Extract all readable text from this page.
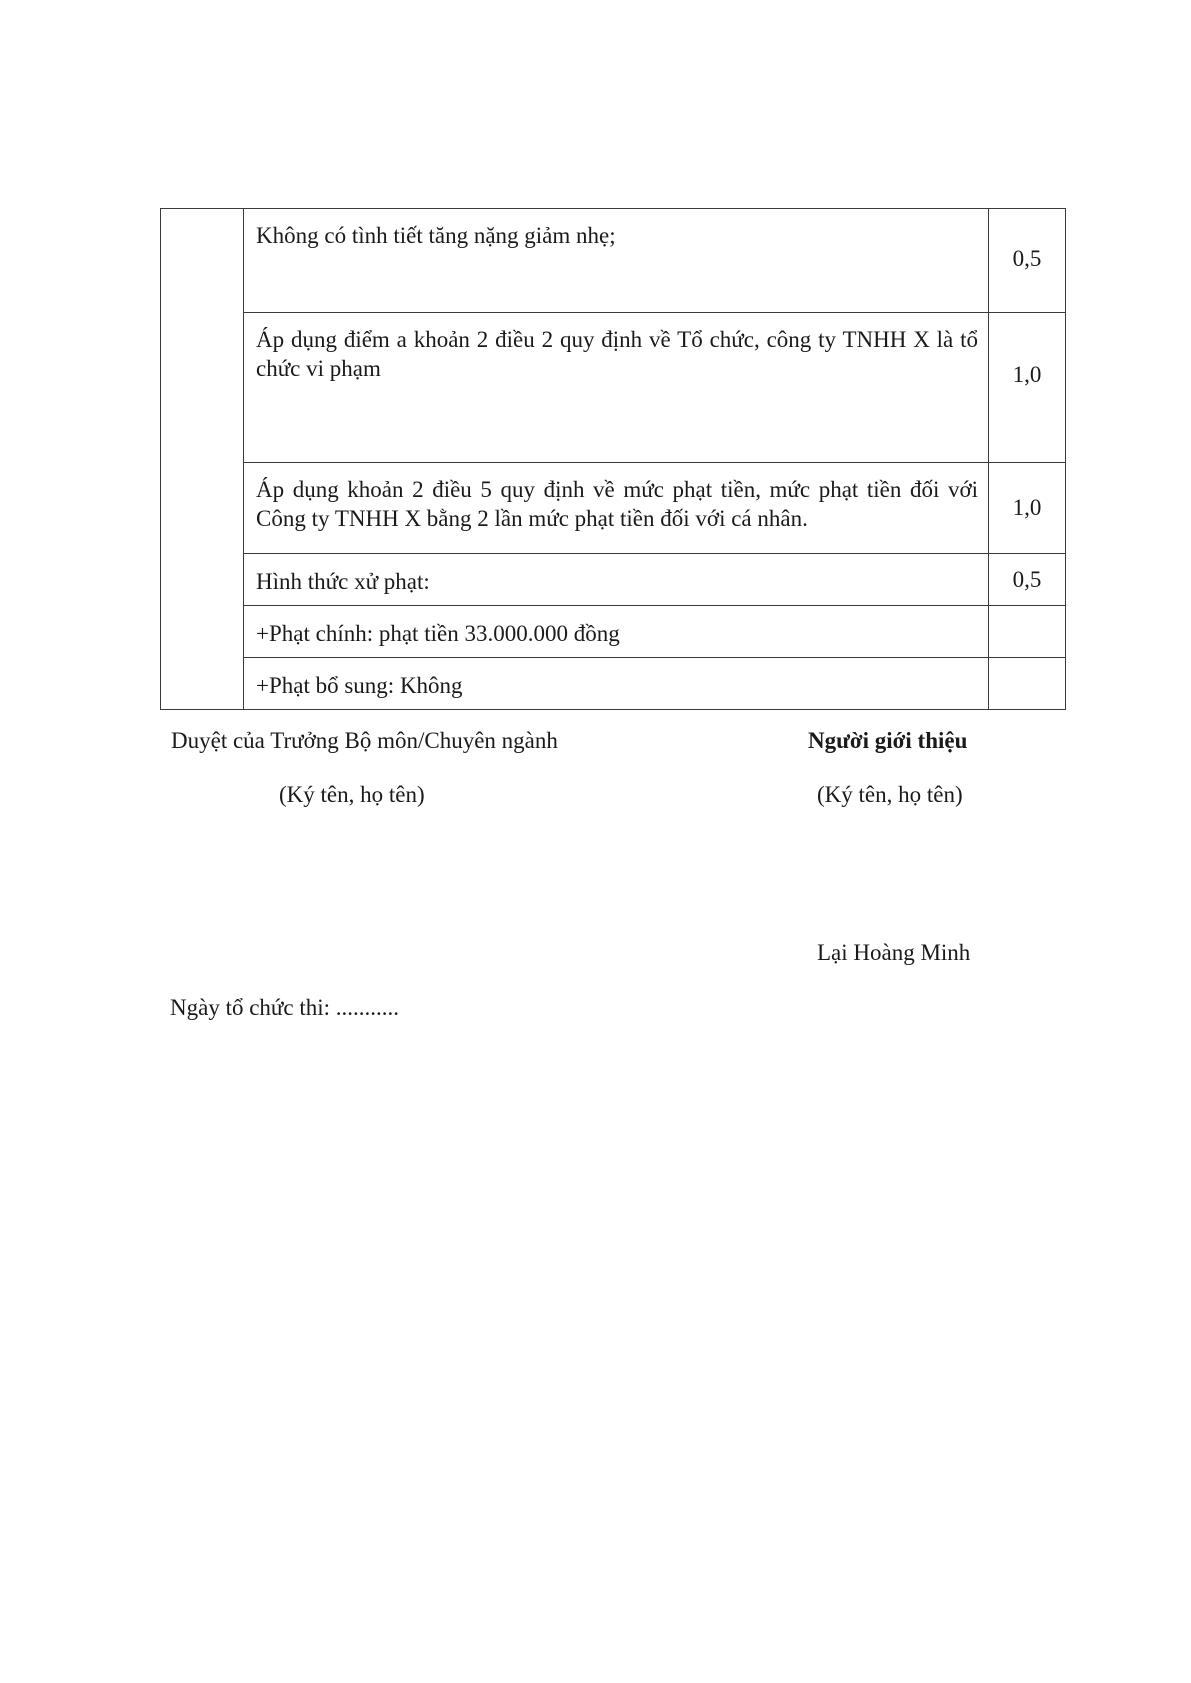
	Không có tình tiết tăng nặng giảm nhẹ;	0,5
	Áp dụng điểm a khoản 2 điều 2 quy định về Tổ chức, công ty TNHH X là tổ chức vi phạm	1,0
	Áp dụng khoản 2 điều 5 quy định về mức phạt tiền, mức phạt tiền đối với Công ty TNHH X bằng 2 lần mức phạt tiền đối với cá nhân.	1,0
	Hình thức xử phạt:	0,5
	+Phạt chính: phạt tiền 33.000.000 đồng	
	+Phạt bổ sung: Không	
Duyệt của Trưởng Bộ môn/Chuyên ngành
(Ký tên, họ tên)
Người giới thiệu
(Ký tên, họ tên)
Lại Hoàng Minh
Ngày tổ chức thi: ...........
